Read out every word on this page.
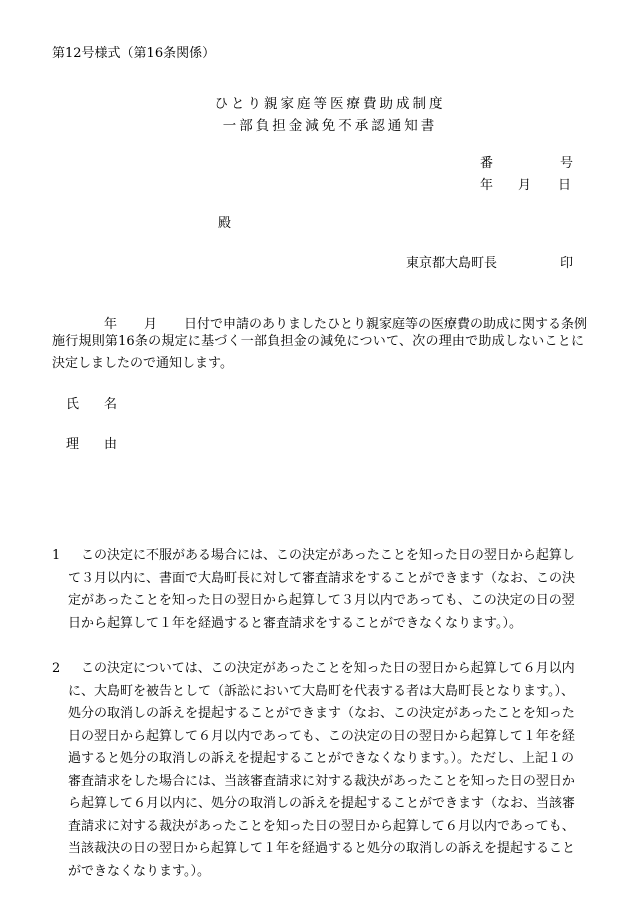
第12号様式（第16条関係）
ひとり親家庭等医療費助成制度
一部負担金減免不承認通知書
番	号
年 月 日
殿
東京都大島町長	印
年 月 日付で申請のありましたひとり親家庭等の医療費の助成に関する条例
施行規則第16条の規定に基づく一部負担金の減免について、次の理由で助成しないことに決定しましたので通知します。
氏 名
理 由
1	この決定に不服がある場合には、この決定があったことを知った日の翌日から起算して３月以内に、書面で大島町長に対して審査請求をすることができます（なお、この決定があったことを知った日の翌日から起算して３月以内であっても、この決定の日の翌日から起算して１年を経過すると審査請求をすることができなくなります。）。
2	この決定については、この決定があったことを知った日の翌日から起算して６月以内に、大島町を被告として（訴訟において大島町を代表する者は大島町長となります。）、処分の取消しの訴えを提起することができます（なお、この決定があったことを知った日の翌日から起算して６月以内であっても、この決定の日の翌日から起算して１年を経過すると処分の取消しの訴えを提起することができなくなります。）。ただし、上記１の審査請求をした場合には、当該審査請求に対する裁決があったことを知った日の翌日から起算して６月以内に、処分の取消しの訴えを提起することができます（なお、当該審査請求に対する裁決があったことを知った日の翌日から起算して６月以内であっても、当該裁決の日の翌日から起算して１年を経過すると処分の取消しの訴えを提起することができなくなります。）。
